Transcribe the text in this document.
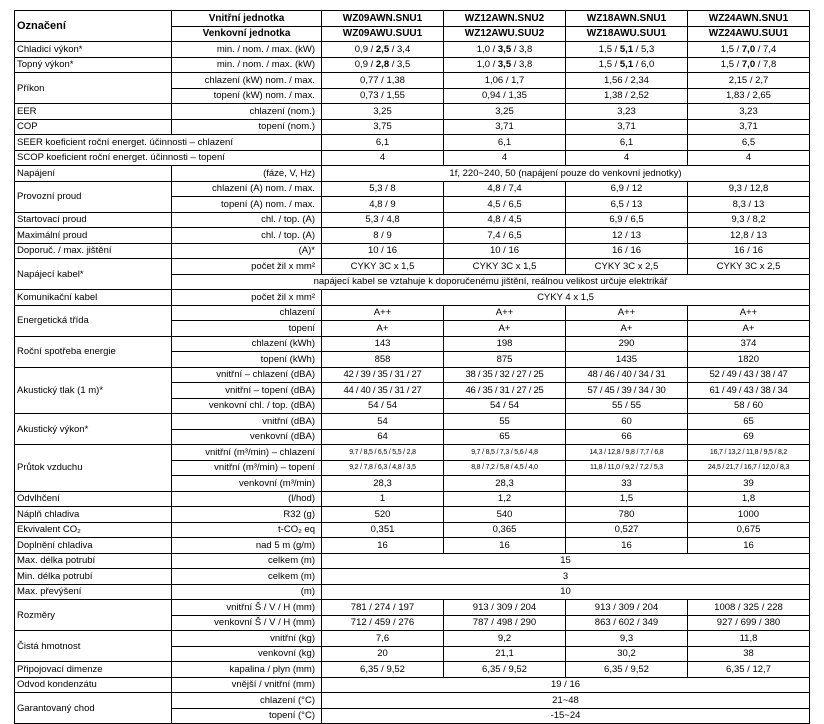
Označení	Vnitřní jednotka	WZ09AWN.SNU1	WZ12AWN.SNU2	WZ18AWN.SNU1	WZ24AWN.SNU1
	Venkovní jednotka	WZ09AWU.SUU1	WZ12AWU.SUU2	WZ18AWU.SUU1	WZ24AWU.SUU1
Chladicí výkon*	min. / nom. / max. (kW)	0,9 / 2,5 / 3,4	1,0 / 3,5 / 3,8	1,5 / 5,1 / 5,3	1,5 / 7,0 / 7,4
Topný výkon*	min. / nom. / max. (kW)	0,9 / 2,8 / 3,5	1,0 / 3,5 / 3,8	1,5 / 5,1 / 6,0	1,5 / 7,0 / 7,8
Příkon	chlazení (kW) nom. / max.	0,77 / 1,38	1,06 / 1,7	1,56 / 2,34	2,15 / 2,7
	topení (kW) nom. / max.	0,73 / 1,55	0,94 / 1,35	1,38 / 2,52	1,83 / 2,65
EER	chlazení (nom.)	3,25	3,25	3,23	3,23
COP	topení (nom.)	3,75	3,71	3,71	3,71
SEER koeficient roční energet. účinnosti – chlazení		6,1	6,1	6,1	6,5
SCOP koeficient roční energet. účinnosti – topení		4	4	4	4
Napájení	(fáze, V, Hz)	1f, 220~240, 50 (napájení pouze do venkovní jednotky)			
Provozní proud	chlazení (A) nom. / max.	5,3 / 8	4,8 / 7,4	6,9 / 12	9,3 / 12,8
	topení (A) nom. / max.	4,8 / 9	4,5 / 6,5	6,5 / 13	8,3 / 13
Startovací proud	chl. / top. (A)	5,3 / 4,8	4,8 / 4,5	6,9 / 6,5	9,3 / 8,2
Maximální proud	chl. / top. (A)	8 / 9	7,4 / 6,5	12 / 13	12,8 / 13
Doporuč. / max. jištění	(A)*	10 / 16	10 / 16	16 / 16	16 / 16
Napájecí kabel*	počet žil x mm²	CYKY 3C x 1,5	CYKY 3C x 1,5	CYKY 3C x 2,5	CYKY 3C x 2,5
	napájecí kabel se vztahuje k doporučenému jištění, reálnou velikost určuje elektrikář				
Komunikační kabel	počet žil x mm²	CYKY 4 x 1,5			
Energetická třída	chlazení	A++	A++	A++	A++
	topení	A+	A+	A+	A+
Roční spotřeba energie	chlazení (kWh)	143	198	290	374
	topení (kWh)	858	875	1435	1820
Akustický tlak (1 m)*	vnitřní – chlazení (dBA)	42 / 39 / 35 / 31 / 27	38 / 35 / 32 / 27 / 25	48 / 46 / 40 / 34 / 31	52 / 49 / 43 / 38 / 47
	vnitřní – topení (dBA)	44 / 40 / 35 / 31 / 27	46 / 35 / 31 / 27 / 25	57 / 45 / 39 / 34 / 30	61 / 49 / 43 / 38 / 34
	venkovní chl. / top. (dBA)	54 / 54	54 / 54	55 / 55	58 / 60
Akustický výkon*	vnitřní (dBA)	54	55	60	65
	venkovní (dBA)	64	65	66	69
Průtok vzduchu	vnitřní (m³/min) – chlazení	9,7 / 8,5 / 6,5 / 5,5 / 2,8	9,7 / 8,5 / 7,3 / 5,6 / 4,8	14,3 / 12,8 / 9,8 / 7,7 / 6,8	16,7 / 13,2 / 11,8 / 9,5 / 8,2
	vnitřní (m³/min) – topení	9,2 / 7,8 / 6,3 / 4,8 / 3,5	8,8 / 7,2 / 5,8 / 4,5 / 4,0	11,8 / 11,0 / 9,2 / 7,2 / 5,3	24,5 / 21,7 / 16,7 / 12,0 / 8,3
	venkovní (m³/min)	28,3	28,3	33	39
Odvlhčení	(l/hod)	1	1,2	1,5	1,8
Náplň chladiva	R32 (g)	520	540	780	1000
Ekvivalent CO₂	t-CO₂ eq	0,351	0,365	0,527	0,675
Doplnění chladiva	nad 5 m (g/m)	16	16	16	16
Max. délka potrubí	celkem (m)	15			
Min. délka potrubí	celkem (m)	3			
Max. převýšení	(m)	10			
Rozměry	vnitřní Š / V / H (mm)	781 / 274 / 197	913 / 309 / 204	913 / 309 / 204	1008 / 325 / 228
	venkovní Š / V / H (mm)	712 / 459 / 276	787 / 498 / 290	863 / 602 / 349	927 / 699 / 380
Čistá hmotnost	vnitřní (kg)	7,6	9,2	9,3	11,8
	venkovní (kg)	20	21,1	30,2	38
Připojovací dimenze	kapalina / plyn (mm)	6,35 / 9,52	6,35 / 9,52	6,35 / 9,52	6,35 / 12,7
Odvod kondenzátu	vnější / vnitřní (mm)	19 / 16			
Garantovaný chod	chlazení (°C)	21~48			
	topení (°C)	-15~24			
